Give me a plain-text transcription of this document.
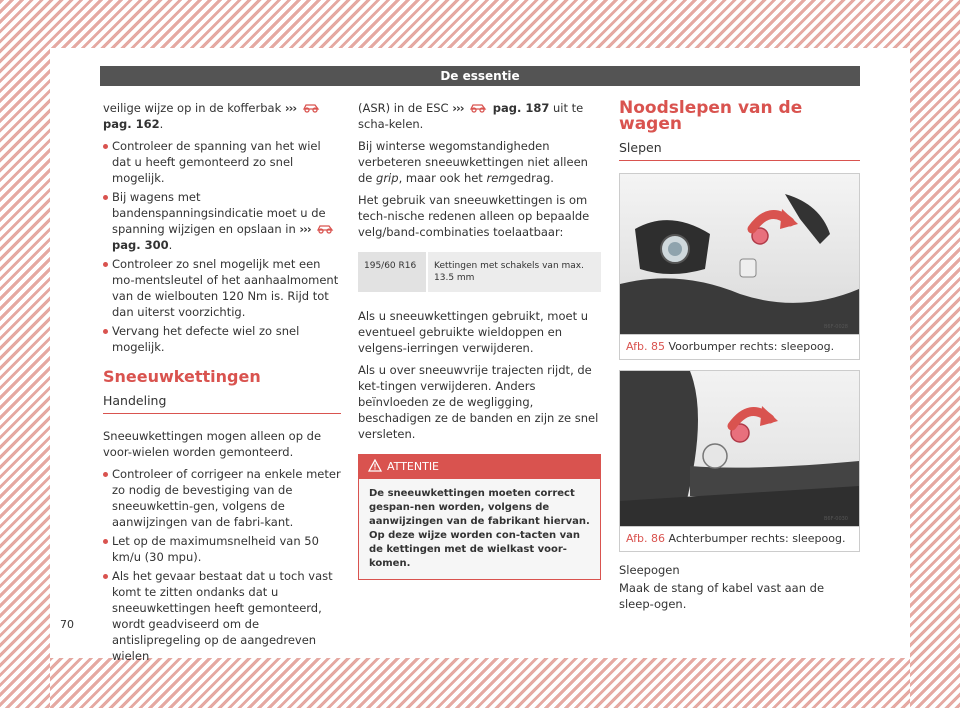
De essentie

veilige wijze op in de kofferbak ›››  pag. 162.

Controleer de spanning van het wiel dat u heeft gemonteerd zo snel mogelijk.
Bij wagens met bandenspanningsindicatie moet u de spanning wijzigen en opslaan in ›››  pag. 300.
Controleer zo snel mogelijk met een mo-mentsleutel of het aanhaalmoment van de wielbouten 120 Nm is. Rijd tot dan uiterst voorzichtig.
Vervang het defecte wiel zo snel mogelijk.
Sneeuwkettingen
Handeling

Sneeuwkettingen mogen alleen op de voor-wielen worden gemonteerd.

Controleer of corrigeer na enkele meter zo nodig de bevestiging van de sneeuwkettin-gen, volgens de aanwijzingen van de fabri-kant.
Let op de maximumsnelheid van 50 km/u (30 mpu).
Als het gevaar bestaat dat u toch vast komt te zitten ondanks dat u sneeuwkettingen heeft gemonteerd, wordt geadviseerd om de antislipregeling op de aangedreven wielen

(ASR) in de ESC ›››	pag. 187 uit te scha-kelen.

Bij winterse wegomstandigheden verbeteren sneeuwkettingen niet alleen de grip, maar ook het remgedrag.

Het gebruik van sneeuwkettingen is om tech-nische redenen alleen op bepaalde velg/band-combinaties toelaatbaar:

195/60 R16	Kettingen met schakels van max. 13.5 mm

Als u sneeuwkettingen gebruikt, moet u eventueel gebruikte wieldoppen en velgens-ierringen verwijderen.

Als u over sneeuwvrije trajecten rijdt, de ket-tingen verwijderen. Anders beïnvloeden ze de wegligging, beschadigen ze de banden en zijn ze snel versleten.

ATTENTIE
De sneeuwkettingen moeten correct gespan-nen worden, volgens de aanwijzingen van de fabrikant hiervan. Op deze wijze worden con-tacten van de kettingen met de wielkast voor-komen.
Noodslepen van de wagen
Slepen
B6F-0028
Afb. 85 Voorbumper rechts: sleepoog.
B6F-0030
Afb. 86 Achterbumper rechts: sleepoog.

Sleepogen

Maak de stang of kabel vast aan de sleep-ogen.

70
